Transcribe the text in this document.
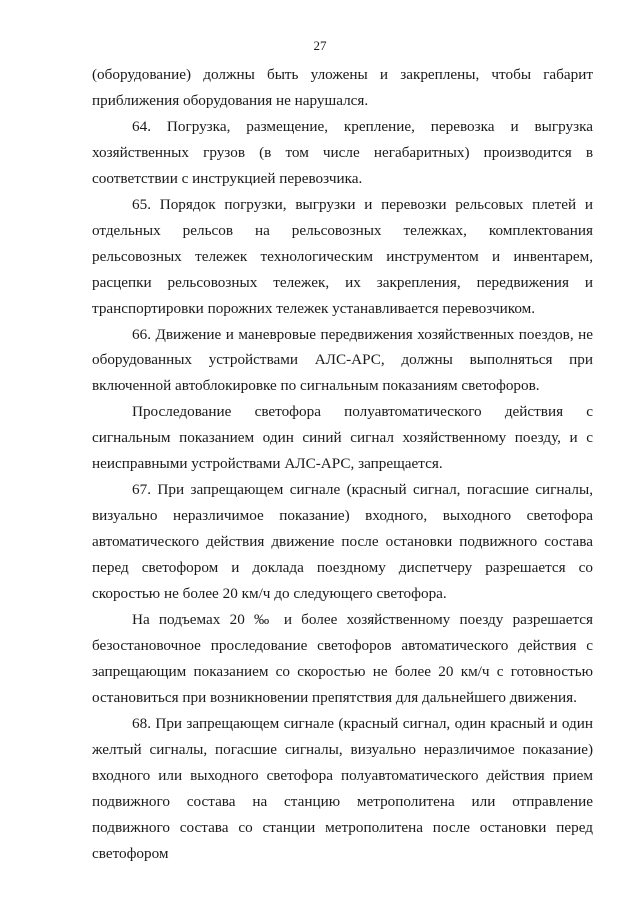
27

(оборудование) должны быть уложены и закреплены, чтобы габарит приближения оборудования не нарушался.

64. Погрузка, размещение, крепление, перевозка и выгрузка хозяйственных грузов (в том числе негабаритных) производится в соответствии с инструкцией перевозчика.

65. Порядок погрузки, выгрузки и перевозки рельсовых плетей и отдельных рельсов на рельсовозных тележках, комплектования рельсовозных тележек технологическим инструментом и инвентарем, расцепки рельсовозных тележек, их закрепления, передвижения и транспортировки порожних тележек устанавливается перевозчиком.

66. Движение и маневровые передвижения хозяйственных поездов, не оборудованных устройствами АЛС-АРС, должны выполняться при включенной автоблокировке по сигнальным показаниям светофоров.

Проследование светофора полуавтоматического действия с сигнальным показанием один синий сигнал хозяйственному поезду, и с неисправными устройствами АЛС-АРС, запрещается.

67. При запрещающем сигнале (красный сигнал, погасшие сигналы, визуально неразличимое показание) входного, выходного светофора автоматического действия движение после остановки подвижного состава перед светофором и доклада поездному диспетчеру разрешается со скоростью не более 20 км/ч до следующего светофора.

На подъемах 20 ‰ и более хозяйственному поезду разрешается безостановочное проследование светофоров автоматического действия с запрещающим показанием со скоростью не более 20 км/ч с готовностью остановиться при возникновении препятствия для дальнейшего движения.

68. При запрещающем сигнале (красный сигнал, один красный и один желтый сигналы, погасшие сигналы, визуально неразличимое показание) входного или выходного светофора полуавтоматического действия прием подвижного состава на станцию метрополитена или отправление подвижного состава со станции метрополитена после остановки перед светофором
